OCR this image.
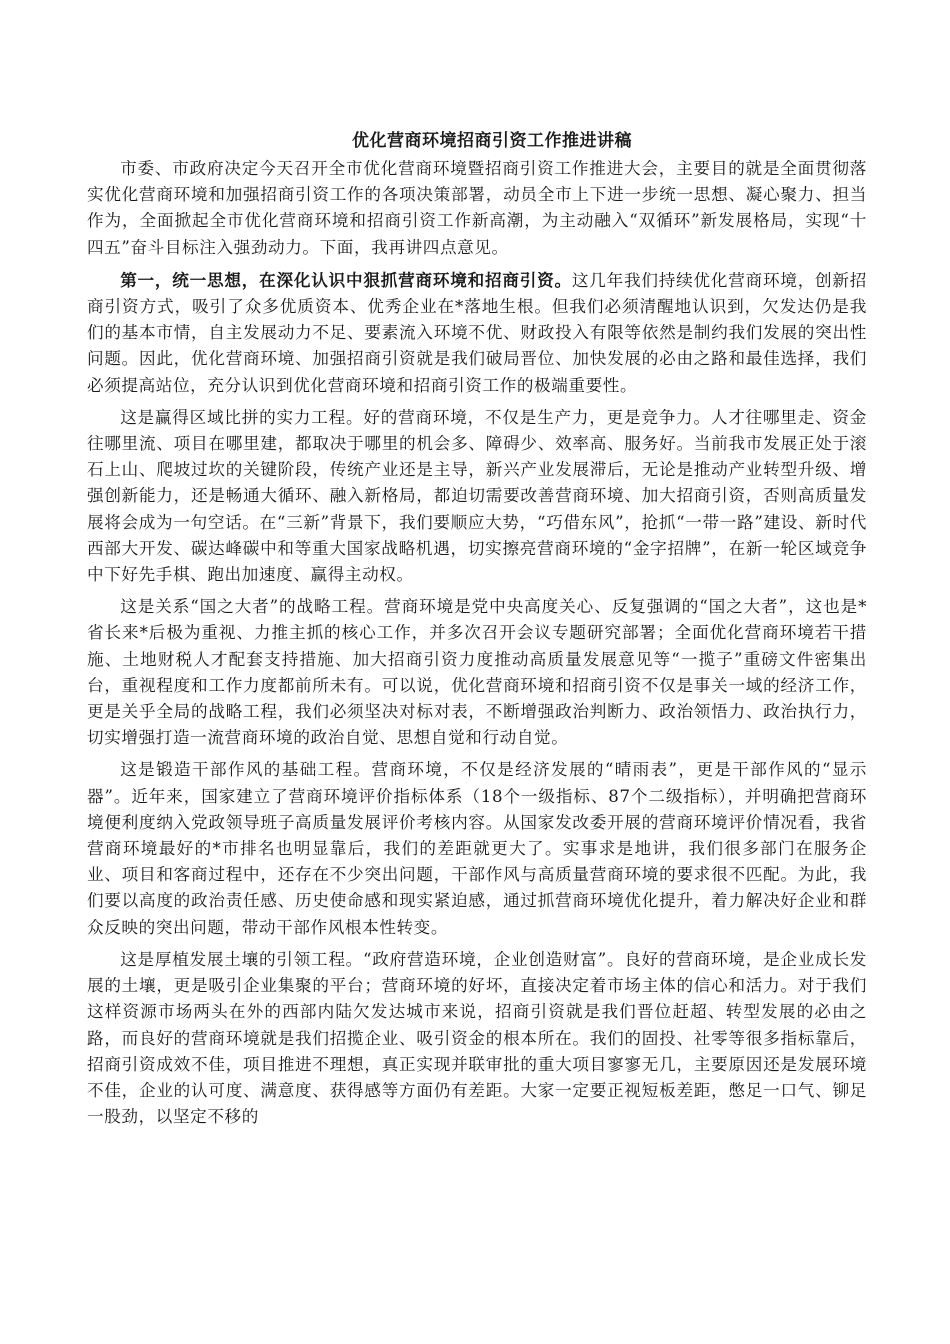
优化营商环境招商引资工作推进讲稿

市委、市政府决定今天召开全市优化营商环境暨招商引资工作推进大会，主要目的就是全面贯彻落实优化营商环境和加强招商引资工作的各项决策部署，动员全市上下进一步统一思想、凝心聚力、担当作为，全面掀起全市优化营商环境和招商引资工作新高潮，为主动融入“双循环”新发展格局，实现“十四五”奋斗目标注入强劲动力。下面，我再讲四点意见。

第一，统一思想，在深化认识中狠抓营商环境和招商引资。这几年我们持续优化营商环境，创新招商引资方式，吸引了众多优质资本、优秀企业在*落地生根。但我们必须清醒地认识到，欠发达仍是我们的基本市情，自主发展动力不足、要素流入环境不优、财政投入有限等依然是制约我们发展的突出性问题。因此，优化营商环境、加强招商引资就是我们破局晋位、加快发展的必由之路和最佳选择，我们必须提高站位，充分认识到优化营商环境和招商引资工作的极端重要性。

这是赢得区域比拼的实力工程。好的营商环境，不仅是生产力，更是竞争力。人才往哪里走、资金往哪里流、项目在哪里建，都取决于哪里的机会多、障碍少、效率高、服务好。当前我市发展正处于滚石上山、爬坡过坎的关键阶段，传统产业还是主导，新兴产业发展滞后，无论是推动产业转型升级、增强创新能力，还是畅通大循环、融入新格局，都迫切需要改善营商环境、加大招商引资，否则高质量发展将会成为一句空话。在“三新”背景下，我们要顺应大势，“巧借东风”，抢抓“一带一路”建设、新时代西部大开发、碳达峰碳中和等重大国家战略机遇，切实擦亮营商环境的“金字招牌”，在新一轮区域竞争中下好先手棋、跑出加速度、赢得主动权。

这是关系“国之大者”的战略工程。营商环境是党中央高度关心、反复强调的“国之大者”，这也是*省长来*后极为重视、力推主抓的核心工作，并多次召开会议专题研究部署；全面优化营商环境若干措施、土地财税人才配套支持措施、加大招商引资力度推动高质量发展意见等“一揽子”重磅文件密集出台，重视程度和工作力度都前所未有。可以说，优化营商环境和招商引资不仅是事关一域的经济工作，更是关乎全局的战略工程，我们必须坚决对标对表，不断增强政治判断力、政治领悟力、政治执行力，切实增强打造一流营商环境的政治自觉、思想自觉和行动自觉。

这是锻造干部作风的基础工程。营商环境，不仅是经济发展的“晴雨表”，更是干部作风的“显示器”。近年来，国家建立了营商环境评价指标体系（18个一级指标、87个二级指标），并明确把营商环境便利度纳入党政领导班子高质量发展评价考核内容。从国家发改委开展的营商环境评价情况看，我省营商环境最好的*市排名也明显靠后，我们的差距就更大了。实事求是地讲，我们很多部门在服务企业、项目和客商过程中，还存在不少突出问题，干部作风与高质量营商环境的要求很不匹配。为此，我们要以高度的政治责任感、历史使命感和现实紧迫感，通过抓营商环境优化提升，着力解决好企业和群众反映的突出问题，带动干部作风根本性转变。

这是厚植发展土壤的引领工程。“政府营造环境，企业创造财富”。良好的营商环境，是企业成长发展的土壤，更是吸引企业集聚的平台；营商环境的好坏，直接决定着市场主体的信心和活力。对于我们这样资源市场两头在外的西部内陆欠发达城市来说，招商引资就是我们晋位赶超、转型发展的必由之路，而良好的营商环境就是我们招揽企业、吸引资金的根本所在。我们的固投、社零等很多指标靠后，招商引资成效不佳，项目推进不理想，真正实现并联审批的重大项目寥寥无几，主要原因还是发展环境不佳，企业的认可度、满意度、获得感等方面仍有差距。大家一定要正视短板差距，憋足一口气、铆足一股劲，以坚定不移的
